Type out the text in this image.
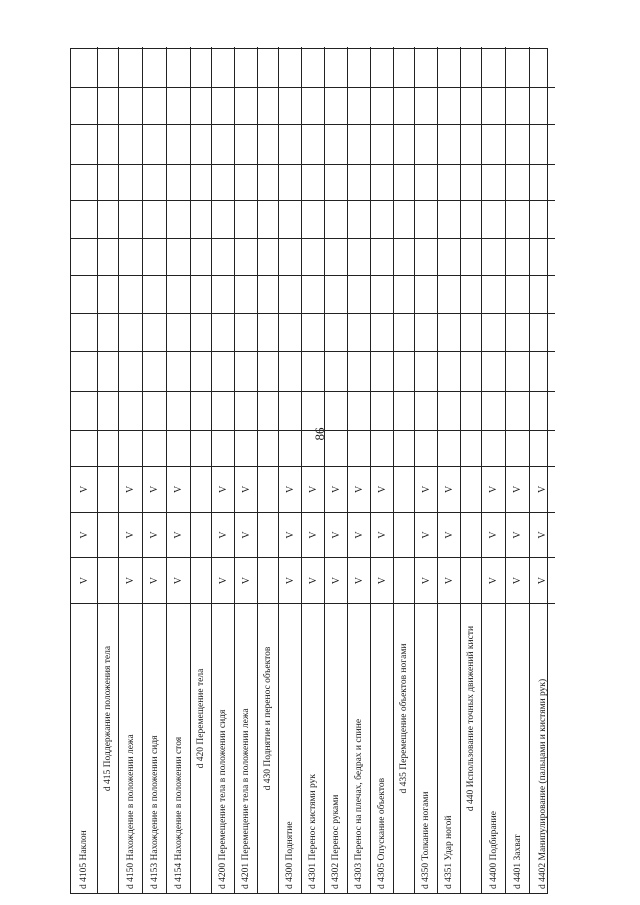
86
d 4105 Наклон
V
V
V
d 415 Поддержание положения тела
d 4150 Нахождение в положении лежа
V
V
V
d 4153 Нахождение в положении сидя
V
V
V
d 4154 Нахождение в положении стоя
V
V
V
d 420 Перемещение тела	d 4200 Перемещение тела в положении сидя
V
V
V
d 4201 Перемещение тела в положении лежа
V
V
V
d 430 Поднятие и перенос объектов
d 4300 Поднятие
V
V
V
d 4301 Перенос кистями рук
V
V
V
d 4302 Перенос руками
V
V
V
d 4303 Перенос на плечах, бедрах и спине
V
V
V
d 4305 Опускание объектов
V
V
V
d 435 Перемещение объектов ногами
d 4350 Толкание ногами
V
V
V
d 4351 Удар ногой
V
V
V
d 440 Использование точных движений кисти
d 4400 Подбирание
V
V
V
d 4401 Захват
V
V
V
d 4402 Манипулирование (пальцами и кистями рук)
V
V
V
